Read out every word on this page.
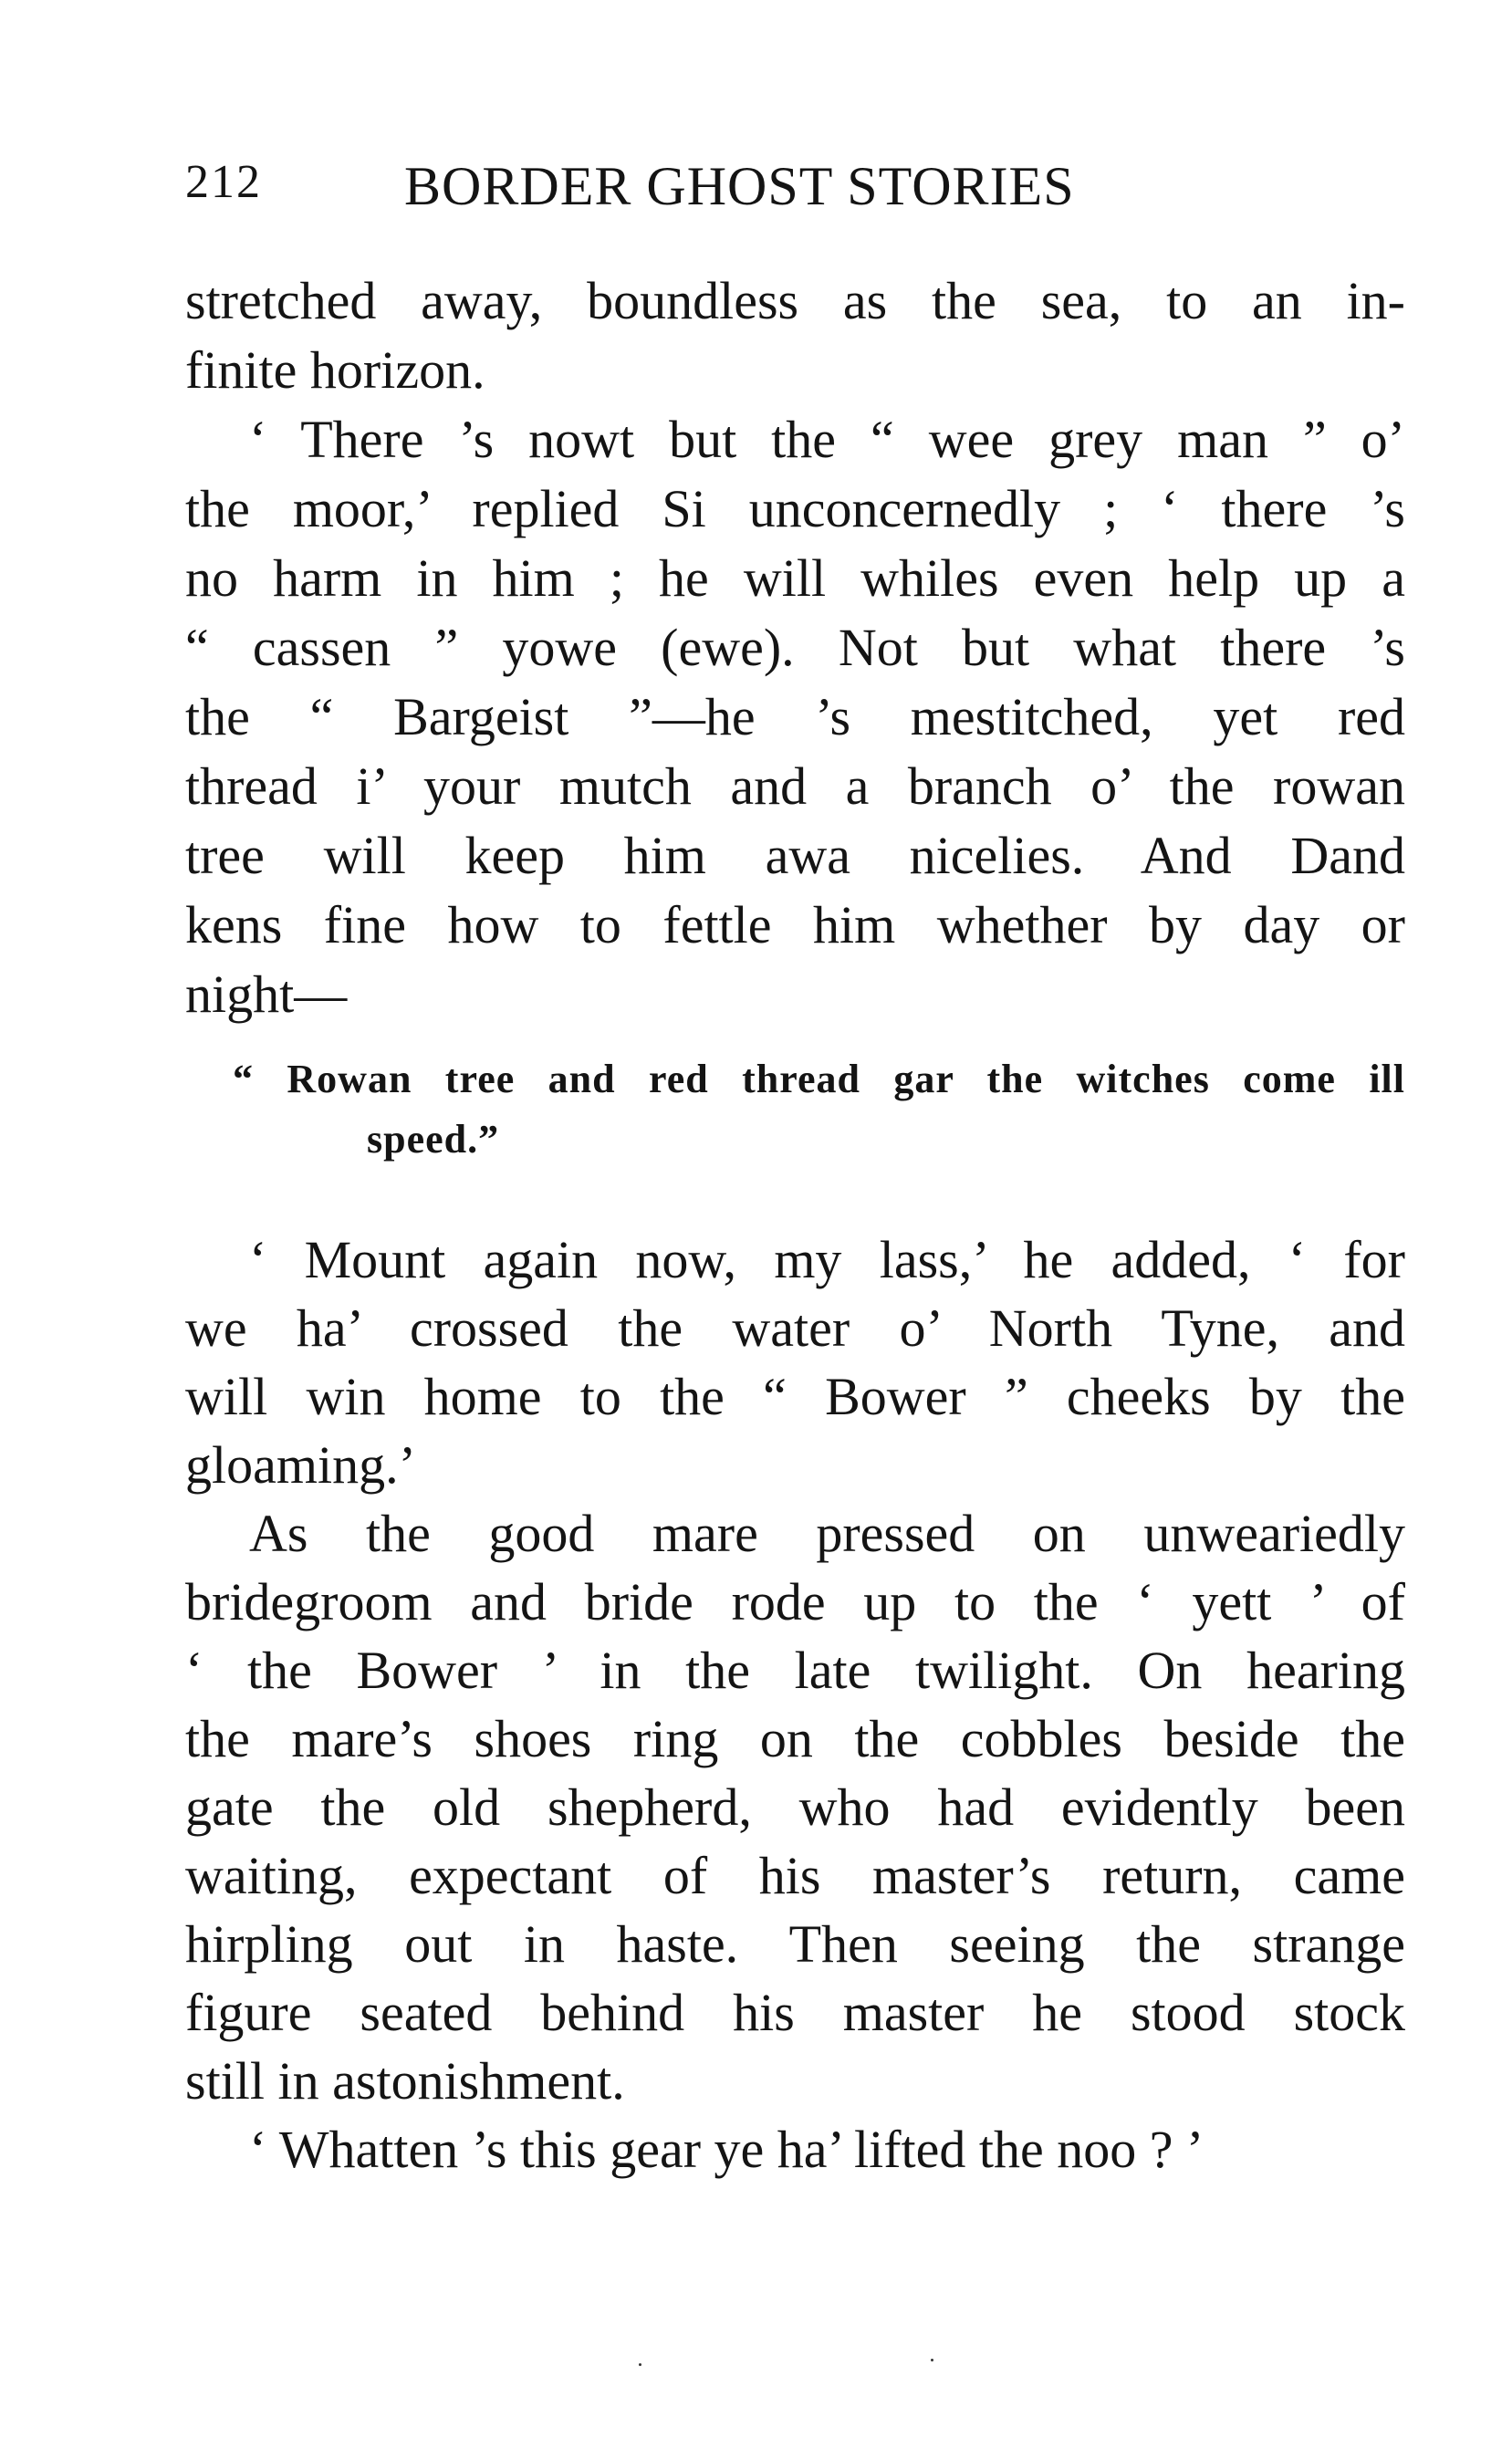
212	BORDER GHOST STORIES
stretched away, boundless as the sea, to an in-
finite horizon.
‘ There ’s nowt but the “ wee grey man ” o’
the moor,’ replied Si unconcernedly ; ‘ there ’s
no harm in him ; he will whiles even help up a
“ cassen ” yowe (ewe). Not but what there ’s
the “ Bargeist ”—he ’s mestitched, yet red
thread i’ your mutch and a branch o’ the rowan
tree will keep him awa nicelies. And Dand
kens fine how to fettle him whether by day or
night—
“ Rowan tree and red thread gar the witches come ill
speed.”
‘ Mount again now, my lass,’ he added, ‘ for
we ha’ crossed the water o’ North Tyne, and
will win home to the “ Bower ” cheeks by the
gloaming.’
As the good mare pressed on unweariedly
bridegroom and bride rode up to the ‘ yett ’ of
‘ the Bower ’ in the late twilight. On hearing
the mare’s shoes ring on the cobbles beside the
gate the old shepherd, who had evidently been
waiting, expectant of his master’s return, came
hirpling out in haste. Then seeing the strange
figure seated behind his master he stood stock
still in astonishment.
‘ Whatten ’s this gear ye ha’ lifted the noo ? ’
